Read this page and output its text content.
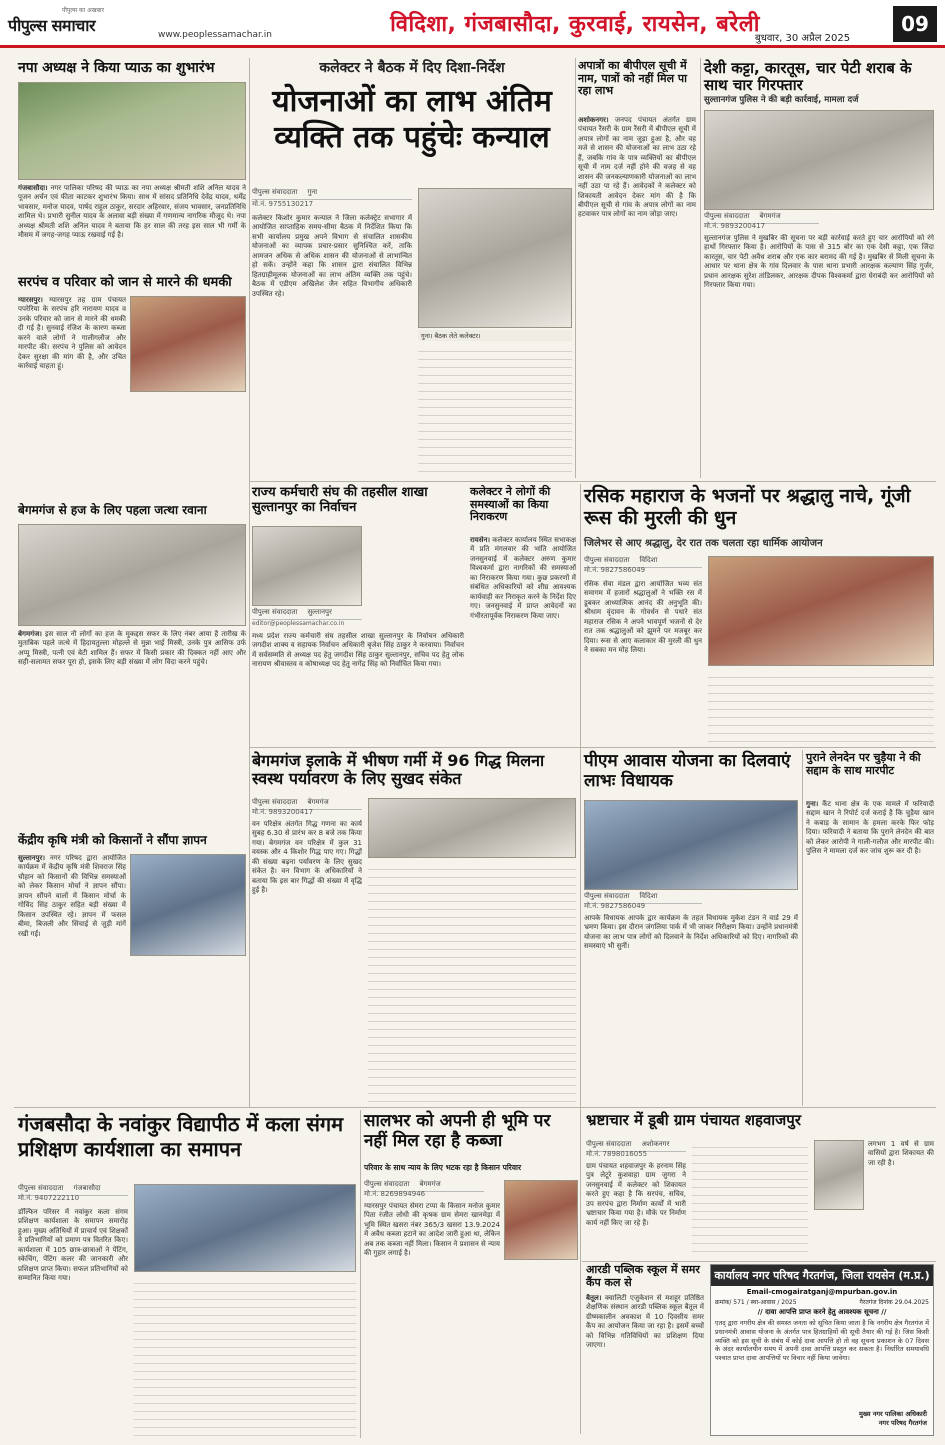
पीपुल्स का अखबार
पीपुल्स समाचार	www.peoplessamachar.in	विदिशा, गंजबासौदा, कुरवाई, रायसेन, बरेली
बुधवार, 30 अप्रैल 2025
09
नपा अध्यक्ष ने किया प्याऊ का शुभारंभ
गंजबासौदा। नगर पालिका परिषद की प्याऊ का नपा अध्यक्ष श्रीमती शशि अनिल यादव ने पूजन अर्चन एवं फीता काटकर शुभारंभ किया। साथ में सांसद प्रतिनिधि देवेंद्र यादव, धर्मेंद्र भावसार, मनोज यादव, पार्षद राहुल ठाकुर, सरदार अहिरवार, संजय भावसार, जनप्रतिनिधि शामिल थे। प्रभारी सुनील यादव के अलावा बड़ी संख्या में गणमान्य नागरिक मौजूद थे। नपा अध्यक्ष श्रीमती शशि अनिल यादव ने बताया कि हर साल की तरह इस साल भी गर्मी के मौसम में जगह-जगह प्याऊ रखवाई गई है।
सरपंच व परिवार को जान से मारने की धमकी
ग्यारसपुर। ग्यारसपुर तह ग्राम पंचायत पपरेरिया के सरपंच हरि नारायण यादव व उनके परिवार को जान से मारने की धमकी दी गई है। सुनवाई रंजिश के कारण कब्जा करने वाले लोगों ने गालीगलौज और मारपीट की। सरपंच ने पुलिस को आवेदन देकर सुरक्षा की मांग की है, और उचित कार्रवाई चाहता हूं।
बेगमगंज से हज के लिए पहला जत्था रवाना
बेगमगंज। इस साल नौ लोगों का हज के मुकद्दस सफर के लिए नंबर आया है तारीख के मुताबिक पहले जत्थे में हिदायतुल्ला मोहल्ले से मुन्ना भाई मिस्त्री, उनके पुत्र आसिफ उर्फ अप्पू मिस्त्री, पत्नी एवं बेटी शामिल हैं। सफर में किसी प्रकार की दिक्कत नहीं आए और सही-सलामत सफर पूरा हो, इसके लिए बड़ी संख्या में लोग विदा करने पहुंचे।
केंद्रीय कृषि मंत्री को किसानों ने सौंपा ज्ञापन
सुल्तानपुर। नगर परिषद द्वारा आयोजित कार्यक्रम में केंद्रीय कृषि मंत्री शिवराज सिंह चौहान को किसानों की विभिन्न समस्याओं को लेकर किसान मोर्चा ने ज्ञापन सौंपा। ज्ञापन सौंपने वालों में किसान मोर्चा के गोविंद सिंह ठाकुर सहित बड़ी संख्या में किसान उपस्थित रहे। ज्ञापन में फसल बीमा, बिजली और सिंचाई से जुड़ी मांगें रखी गईं।
कलेक्टर ने बैठक में दिए दिशा-निर्देश
योजनाओं का लाभ अंतिम व्यक्ति तक पहुंचेः कन्याल
पीपुल्स संवाददाता गुना
मो.नं. 9755130217
कलेक्टर किशोर कुमार कन्याल ने जिला कलेक्ट्रेट सभागार में आयोजित साप्ताहिक समय-सीमा बैठक में निर्देशित किया कि सभी कार्यालय प्रमुख अपने विभाग से संचालित शासकीय योजनाओं का व्यापक प्रचार-प्रसार सुनिश्चित करें, ताकि आमजन अधिक से अधिक शासन की योजनाओं से लाभान्वित हो सकें। उन्होंने कहा कि शासन द्वारा संचालित विभिन्न हितग्राहीमूलक योजनाओं का लाभ अंतिम व्यक्ति तक पहुंचे। बैठक में एडीएम अखिलेश जैन सहित विभागीय अधिकारी उपस्थित रहे।
गुना। बैठक लेते कलेक्टर।
अपात्रों का बीपीएल सूची में नाम, पात्रों को नहीं मिल पा रहा लाभ
अशोकनगर। जनपद पंचायत अंतर्गत ग्राम पंचायत रैंसरी के ग्राम रैंसरी में बीपीएल सूची में अपात्र लोगों का नाम जुड़ा हुआ है, और वह मजे से शासन की योजनाओं का लाभ उठा रहे हैं, जबकि गांव के पात्र व्यक्तियों का बीपीएल सूची में नाम दर्ज नहीं होने की वजह से वह शासन की जनकल्याणकारी योजनाओं का लाभ नहीं उठा पा रहे हैं। आवेदकों ने कलेक्टर को शिकायती आवेदन देकर मांग की है कि बीपीएल सूची से गांव के अपात्र लोगों का नाम हटवाकर पात्र लोगों का नाम जोड़ा जाए।
देशी कट्टा, कारतूस, चार पेटी शराब के साथ चार गिरफ्तार
सुल्तानगंज पुलिस ने की बड़ी कार्रवाई, मामला दर्ज
पीपुल्स संवाददाता बेगमगंज
मो.नं. 9893200417
सुल्तानगंज पुलिस ने मुखबिर की सूचना पर बड़ी कार्रवाई करते हुए चार आरोपियों को रंगे हाथों गिरफ्तार किया है। आरोपियों के पास से 315 बोर का एक देसी कट्टा, एक जिंदा कारतूस, चार पेटी अवैध शराब और एक कार बरामद की गई है। मुखबिर से मिली सूचना के आधार पर थाना क्षेत्र के गांव दिलवार के पास थाना प्रभारी आरक्षक कल्याण सिंह गुर्जर, प्रधान आरक्षक सुरेश तांडिलकर, आरक्षक दीपक विश्वकर्मा द्वारा घेराबंदी कर आरोपियों को गिरफ्तार किया गया।
राज्य कर्मचारी संघ की तहसील शाखा सुल्तानपुर का निर्वाचन
पीपुल्स संवाददाता सुल्तानपुर
editor@peoplessamachar.co.in
मध्य प्रदेश राज्य कर्मचारी संघ तहसील शाखा सुल्तानपुर के निर्वाचन अधिकारी जगदीश शाक्य व सहायक निर्वाचन अधिकारी बृजेश सिंह ठाकुर ने करवाया। निर्वाचन में सर्वसम्मति से अध्यक्ष पद हेतु जगदीश सिंह ठाकुर सुल्तानपुर, सचिव पद हेतु लोक नारायण श्रीवास्तव व कोषाध्यक्ष पद हेतु नागेंद्र सिंह को निर्वाचित किया गया।
कलेक्टर ने लोगों की समस्याओं का किया निराकरण
रायसेन। कलेक्टर कार्यालय स्थित सभाकक्ष में प्रति मंगलवार की भांति आयोजित जनसुनवाई में कलेक्टर अरुण कुमार विश्वकर्मा द्वारा नागरिकों की समस्याओं का निराकरण किया गया। कुछ प्रकरणों में संबंधित अधिकारियों को शीघ्र आवश्यक कार्यवाही कर निराकृत करने के निर्देश दिए गए। जनसुनवाई में प्राप्त आवेदनों का गंभीरतापूर्वक निराकरण किया जाए।
रसिक महाराज के भजनों पर श्रद्धालु नाचे, गूंजी रूस की मुरली की धुन
जिलेभर से आए श्रद्धालु, देर रात तक चलता रहा धार्मिक आयोजन
पीपुल्स संवाददाता विदिशा
मो.नं. 9827586049
रसिक सेवा मंडल द्वारा आयोजित भव्य संत समागम में हजारों श्रद्धालुओं ने भक्ति रस में डूबकर आध्यात्मिक आनंद की अनुभूति की। श्रीधाम वृंदावन के गोवर्धन से पधारे संत महाराज रसिक ने अपने भावपूर्ण भजनों से देर रात तक श्रद्धालुओं को झूमने पर मजबूर कर दिया। रूस से आए कलाकार की मुरली की धुन ने सबका मन मोह लिया।
बेगमगंज इलाके में भीषण गर्मी में 96 गिद्ध मिलना स्वस्थ पर्यावरण के लिए सुखद संकेत
पीपुल्स संवाददाता बेगमगंज
मो.नं. 9893200417
वन परिक्षेत्र अंतर्गत गिद्ध गणना का कार्य सुबह 6.30 से प्रारंभ कर 8 बजे तक किया गया। बेगमगंज वन परिक्षेत्र में कुल 31 वयस्क और 4 किशोर गिद्ध पाए गए। गिद्धों की संख्या बढ़ना पर्यावरण के लिए सुखद संकेत है। वन विभाग के अधिकारियों ने बताया कि इस बार गिद्धों की संख्या में वृद्धि हुई है।
पीएम आवास योजना का दिलवाएं लाभः विधायक
पीपुल्स संवाददाता विदिशा
मो.नं. 9827586049
आपके विधायक आपके द्वार कार्यक्रम के तहत विधायक मुकेश टंडन ने वार्ड 29 में भ्रमण किया। इस दौरान जंगलिया पार्क में भी जाकर निरीक्षण किया। उन्होंने प्रधानमंत्री योजना का लाभ पात्र लोगों को दिलवाने के निर्देश अधिकारियों को दिए। नागरिकों की समस्याएं भी सुनीं।
पुराने लेनदेन पर चुड़ैया ने की सद्दाम के साथ मारपीट
गुना। कैंट थाना क्षेत्र के एक मामले में फरियादी सद्दाम खान ने रिपोर्ट दर्ज कराई है कि चुड़ैया खान ने कबाड़ के सामान के हमला करके फिर फोड़ दिया। फरियादी ने बताया कि पुराने लेनदेन की बात को लेकर आरोपी ने गाली-गलौज और मारपीट की। पुलिस ने मामला दर्ज कर जांच शुरू कर दी है।
गंजबसौदा के नवांकुर विद्यापीठ में कला संगम प्रशिक्षण कार्यशाला का समापन
पीपुल्स संवाददाता गंजबासौदा
मो.नं. 9407222110
डॉल्फिन परिसर में नवांकुर कला संगम प्रशिक्षण कार्यशाला के समापन समारोह हुआ। मुख्य अतिथियों में प्राचार्य एवं शिक्षकों ने प्रतिभागियों को प्रमाण पत्र वितरित किए। कार्यशाला में 105 छात्र-छात्राओं ने पेंटिंग, स्केचिंग, पेंटिंग कलर की जानकारी और प्रशिक्षण प्राप्त किया। सफल प्रतिभागियों को सम्मानित किया गया।
सालभर को अपनी ही भूमि पर नहीं मिल रहा है कब्जा
परिवार के साथ न्याय के लिए भटक रहा है किसान परिवार
पीपुल्स संवाददाता बेगमगंज
मो.नं. 8269894946
ग्यारसपुर पंचायत सेमरा टप्पा के किसान मनोज कुमार पिता रंजीत लोधी की कृषक ग्राम सेमरा खानमेड़ा में भूमि स्थित खसरा नंबर 365/3 खसरा 13.9.2024 में अवैध कब्जा हटाने का आदेश जारी हुआ था, लेकिन अब तक कब्जा नहीं मिला। किसान ने प्रशासन से न्याय की गुहार लगाई है।
भ्रष्टाचार में डूबी ग्राम पंचायत शहवाजपुर
पीपुल्स संवाददाता अशोकनगर
मो.नं. 7898016055
ग्राम पंचायत शहवाजपुर के हरनाम सिंह पुत्र लेटूरे कुशवाहा ग्राम जुगरा ने जनसुनवाई में कलेक्टर को शिकायत करते हुए कहा है कि सरपंच, सचिव, उप सरपंच द्वारा निर्माण कार्यों में भारी भ्रष्टाचार किया गया है। मौके पर निर्माण कार्य नहीं किए जा रहे हैं।
लगभग 1 वर्ष से ग्राम वासियों द्वारा शिकायत की जा रही है।
आरडी पब्लिक स्कूल में समर कैंप कल से
बैतूल। क्वालिटी एजुकेशन से मशहूर प्रतिष्ठित शैक्षणिक संस्थान आरडी पब्लिक स्कूल बैतूल में ग्रीष्मकालीन अवकाश में 10 दिवसीय समर कैंप का आयोजन किया जा रहा है। इसमें बच्चों को विभिन्न गतिविधियों का प्रशिक्षण दिया जाएगा।
कार्यालय नगर परिषद गैरतगंज, जिला रायसेन (म.प्र.)
Email-cmogairatganj@mpurban.gov.in
क्रमांक/ 571 / स्था-आवास / 2025	गैरतगंज दिनांक 29.04.2025
// दावा आपत्ति प्राप्त करने हेतु आवश्यक सूचना //
एतद् द्वारा नगरीय क्षेत्र की समस्त जनता को सूचित किया जाता है कि नगरीय क्षेत्र गैरतगंज में प्रधानमंत्री आवास योजना के अंतर्गत पात्र हितग्राहियों की सूची तैयार की गई है। जिस किसी व्यक्ति को इस सूची के संबंध में कोई दावा आपत्ति हो तो वह सूचना प्रकाशन के 07 दिवस के अंदर कार्यालयीन समय में अपनी दावा आपत्ति प्रस्तुत कर सकता है। निर्धारित समयावधि पश्चात प्राप्त दावा आपत्तियों पर विचार नहीं किया जावेगा।
मुख्य नगर पालिका अधिकारी
नगर परिषद गैरतगंज
